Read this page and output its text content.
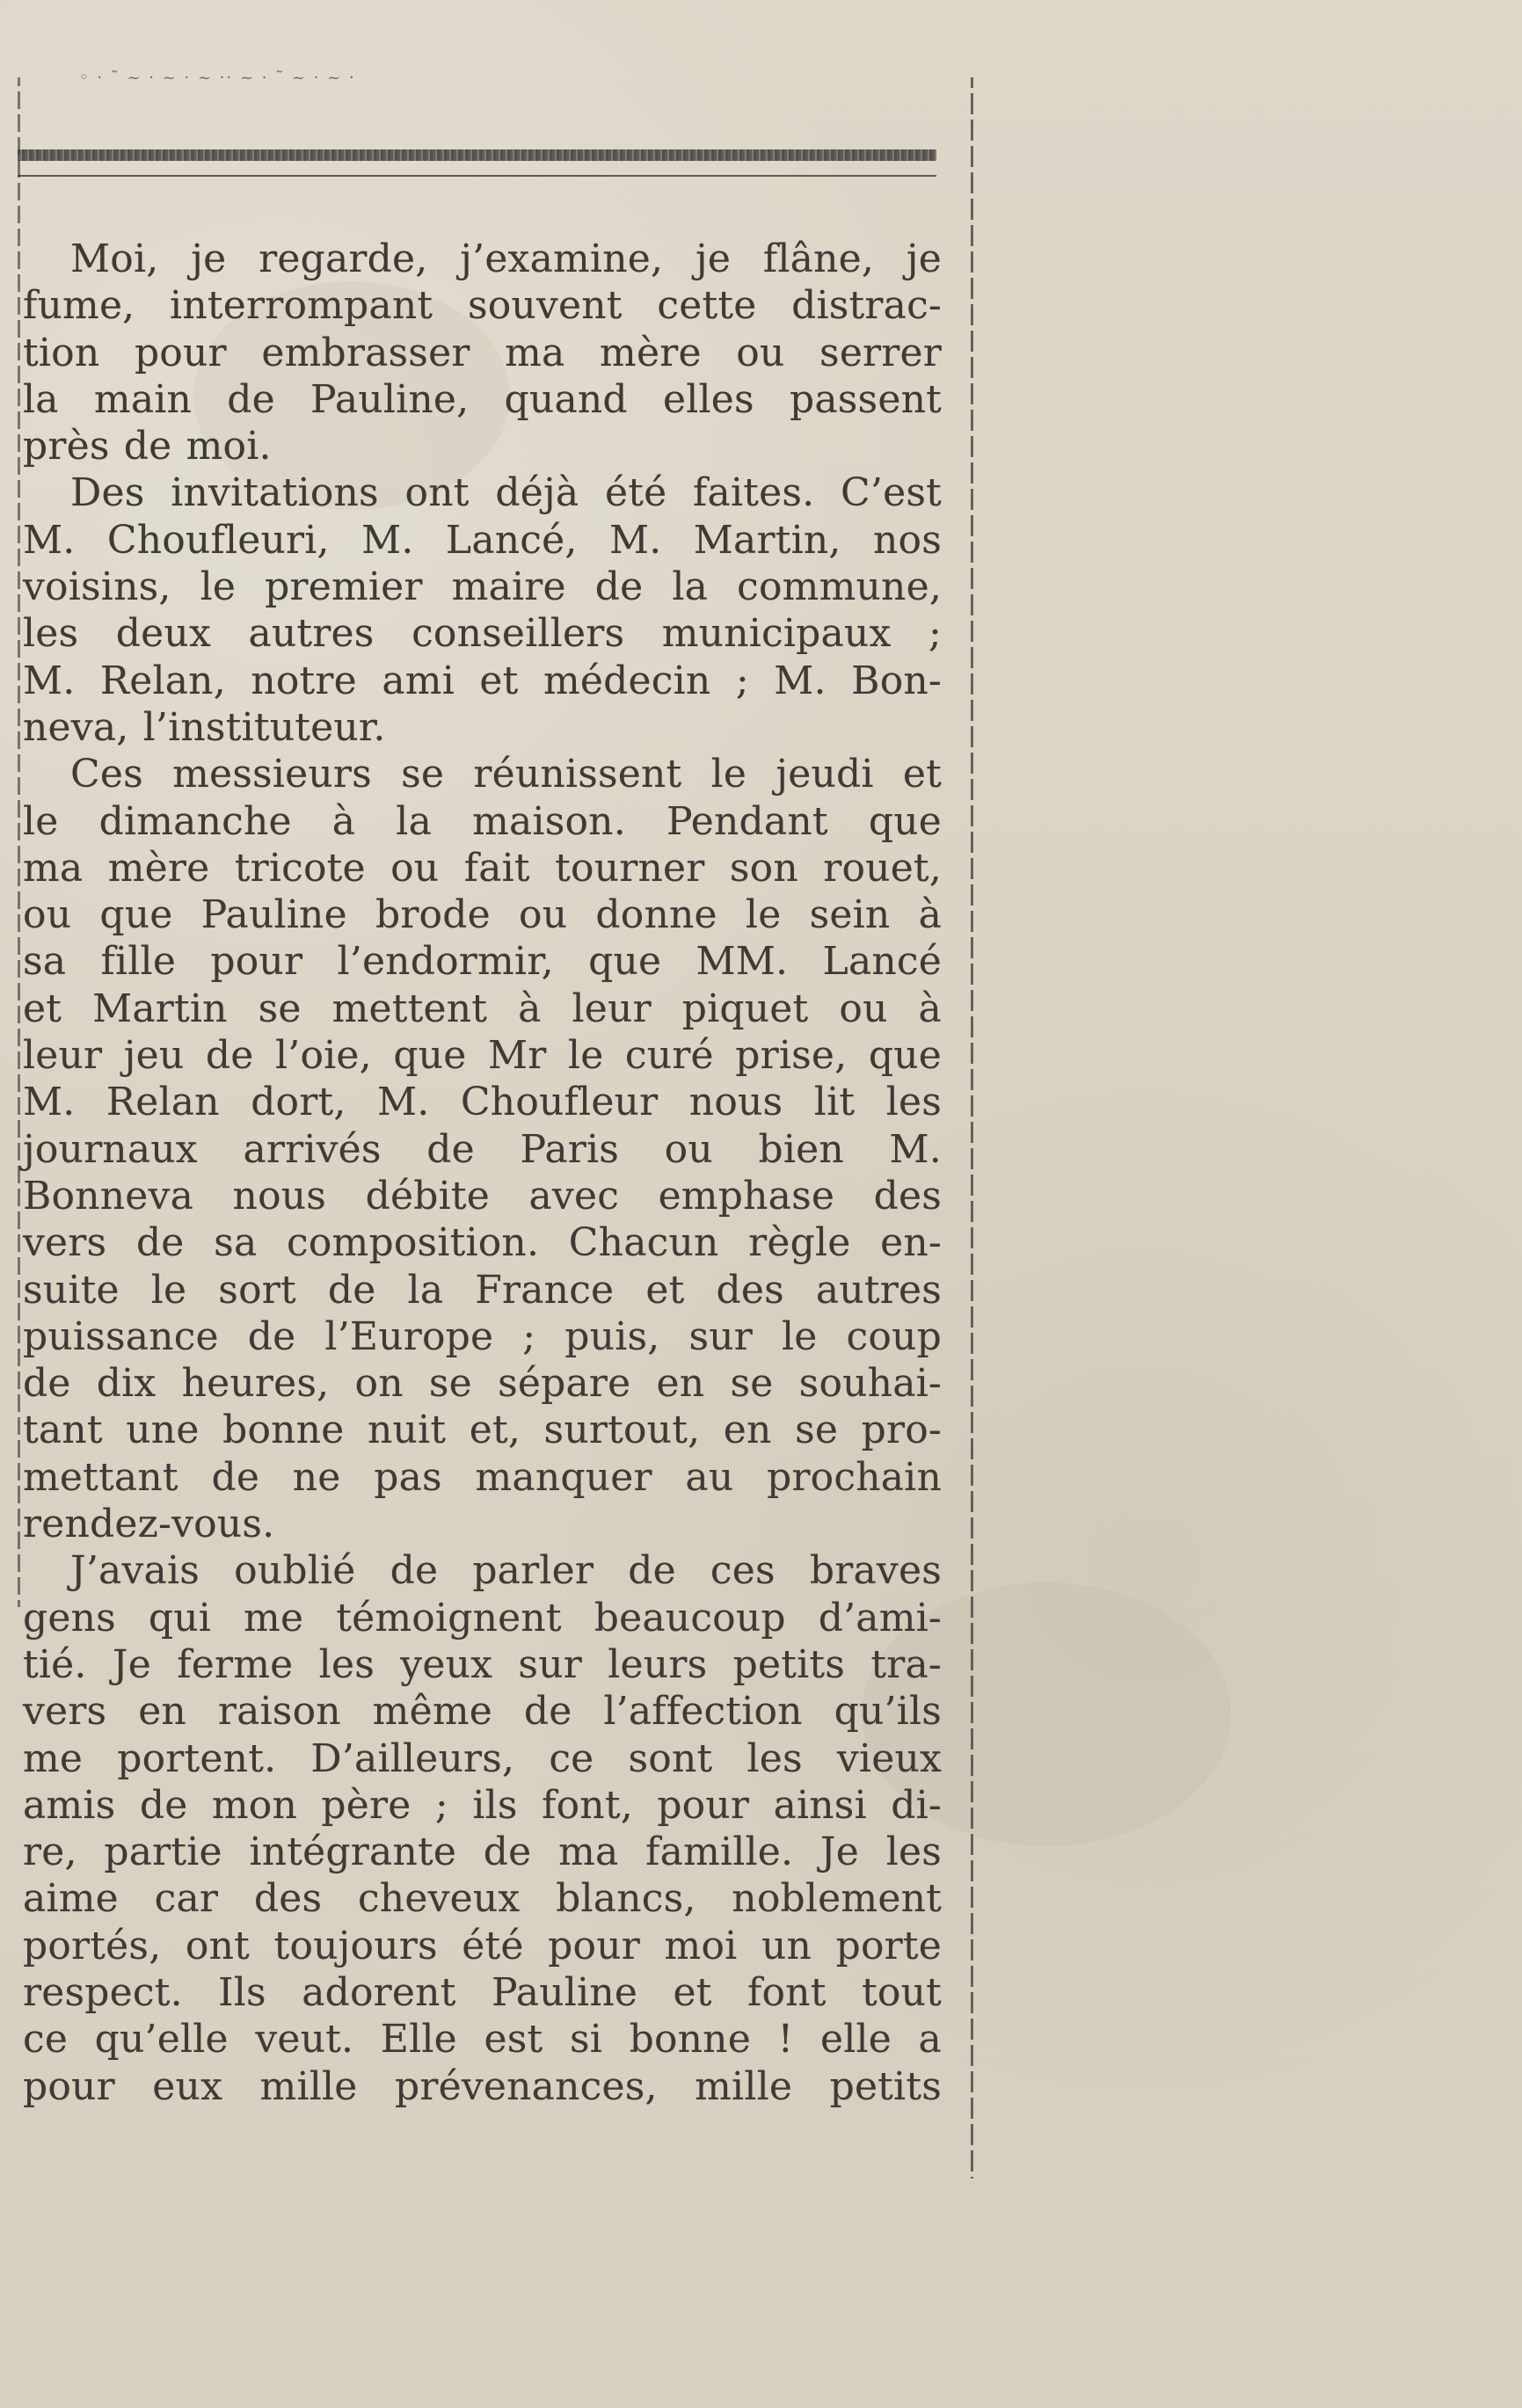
◦ · ˜ ~ · ~ · ~ ·· ~ · ˜ ~ · ~ ·
Moi, je regarde, j’examine, je flâne, je
fume, interrompant souvent cette distrac-
tion pour embrasser ma mère ou serrer
la main de Pauline, quand elles passent
près de moi.
Des invitations ont déjà été faites. C’est
M. Choufleuri, M. Lancé, M. Martin, nos
voisins, le premier maire de la commune,
les deux autres conseillers municipaux ;
M. Relan, notre ami et médecin ; M. Bon-
neva, l’instituteur.
Ces messieurs se réunissent le jeudi et
le dimanche à la maison. Pendant que
ma mère tricote ou fait tourner son rouet,
ou que Pauline brode ou donne le sein à
sa fille pour l’endormir, que MM. Lancé
et Martin se mettent à leur piquet ou à
leur jeu de l’oie, que Mr le curé prise, que
M. Relan dort, M. Choufleur nous lit les
journaux arrivés de Paris ou bien M.
Bonneva nous débite avec emphase des
vers de sa composition. Chacun règle en-
suite le sort de la France et des autres
puissance de l’Europe ; puis, sur le coup
de dix heures, on se sépare en se souhai-
tant une bonne nuit et, surtout, en se pro-
mettant de ne pas manquer au prochain
rendez-vous.
J’avais oublié de parler de ces braves
gens qui me témoignent beaucoup d’ami-
tié. Je ferme les yeux sur leurs petits tra-
vers en raison même de l’affection qu’ils
me portent. D’ailleurs, ce sont les vieux
amis de mon père ; ils font, pour ainsi di-
re, partie intégrante de ma famille. Je les
aime car des cheveux blancs, noblement
portés, ont toujours été pour moi un porte
respect. Ils adorent Pauline et font tout
ce qu’elle veut. Elle est si bonne ! elle a
pour eux mille prévenances, mille petits
